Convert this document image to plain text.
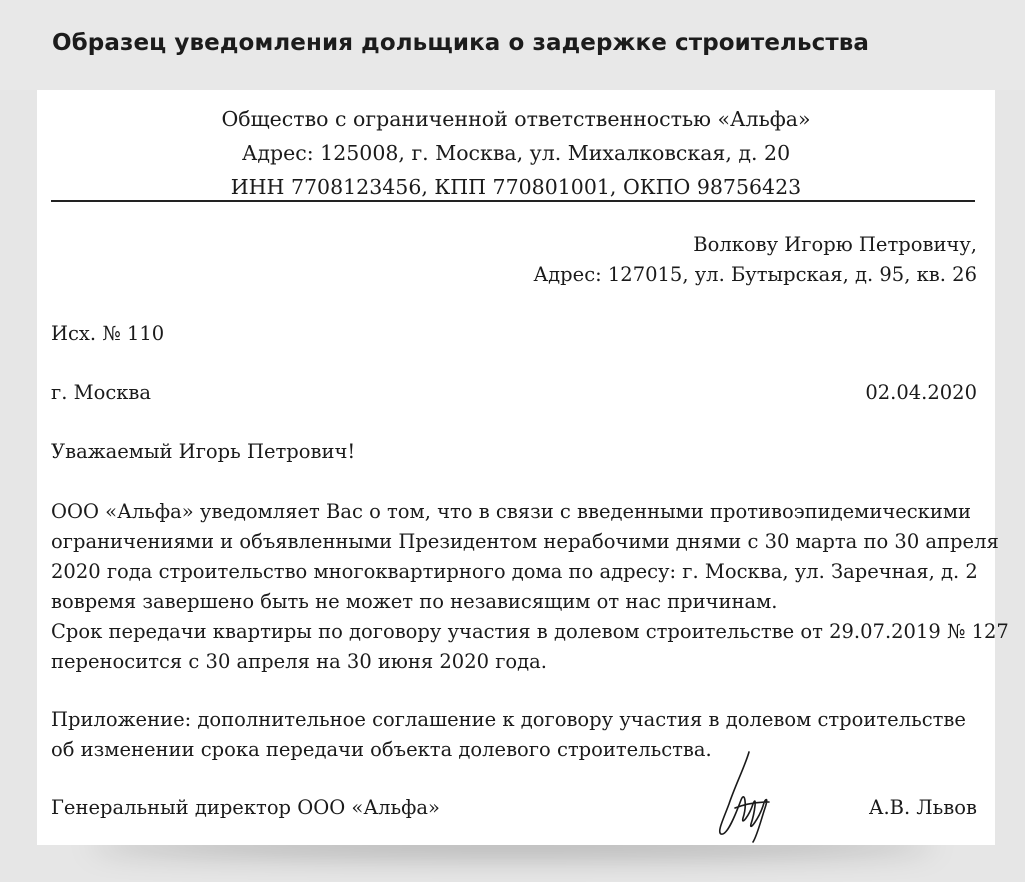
Образец уведомления дольщика о задержке строительства
Общество с ограниченной ответственностью «Альфа»
Адрес: 125008, г. Москва, ул. Михалковская, д. 20
ИНН 7708123456, КПП 770801001, ОКПО 98756423
Волкову Игорю Петровичу,
Адрес: 127015, ул. Бутырская, д. 95, кв. 26
Исх. № 110
г. Москва	02.04.2020
Уважаемый Игорь Петрович!
ООО «Альфа» уведомляет Вас о том, что в связи с введенными противоэпидемическими
ограничениями и объявленными Президентом нерабочими днями с 30 марта по 30 апреля
2020 года строительство многоквартирного дома по адресу: г. Москва, ул. Заречная, д. 2
вовремя завершено быть не может по независящим от нас причинам.
Срок передачи квартиры по договору участия в долевом строительстве от 29.07.2019 № 127
переносится с 30 апреля на 30 июня 2020 года.
Приложение: дополнительное соглашение к договору участия в долевом строительстве
об изменении срока передачи объекта долевого строительства.
Генеральный директор ООО «Альфа»	А.В. Львов
